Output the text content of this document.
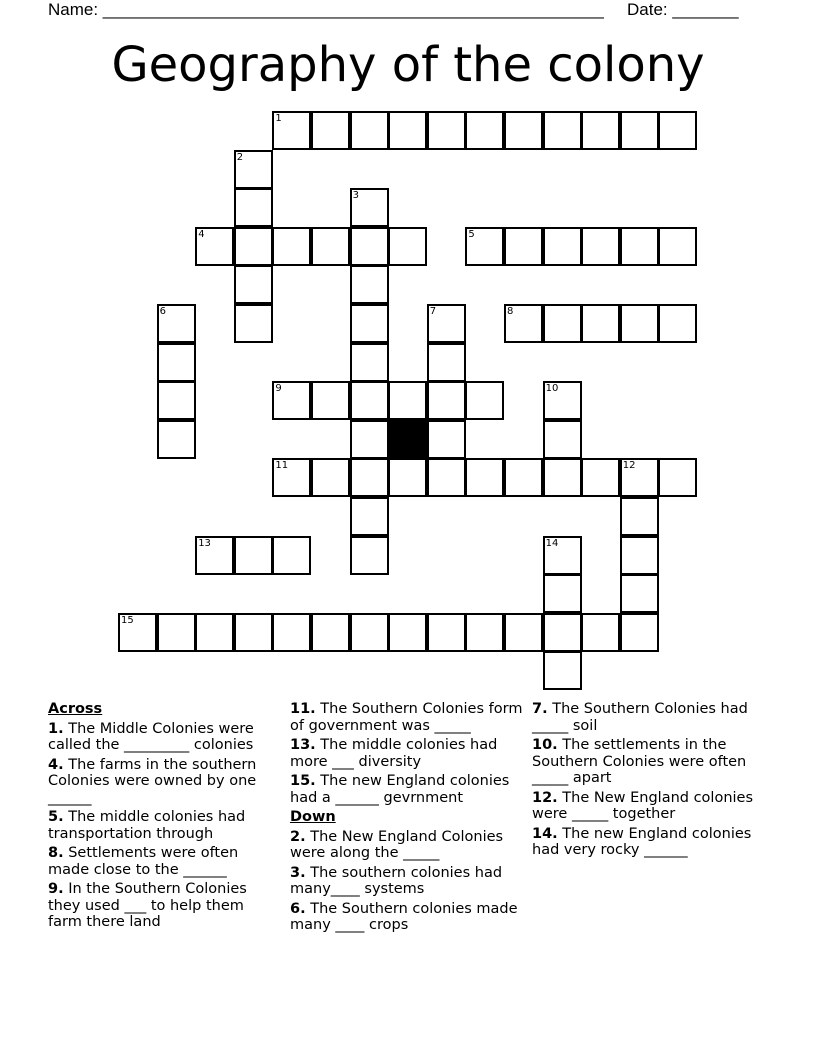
Name: _____________________________________________________ Date: _______
Geography of the colony
1
4	5
8
9
11	12
13
15
2
3
6	7
10
14
Across
1. The Middle Colonies were called the _________ colonies
4. The farms in the southern Colonies were owned by one ______
5. The middle colonies had transportation through
8. Settlements were often made close to the ______
9. In the Southern Colonies they used ___ to help them farm there land
11. The Southern Colonies form of government was _____
13. The middle colonies had more ___ diversity
15. The new England colonies had a ______ gevrnment
Down
2. The New England Colonies were along the _____
3. The southern colonies had many____ systems
6. The Southern colonies made many ____ crops
7. The Southern Colonies had _____ soil
10. The settlements in the Southern Colonies were often _____ apart
12. The New England colonies were _____ together
14. The new England colonies had very rocky ______
